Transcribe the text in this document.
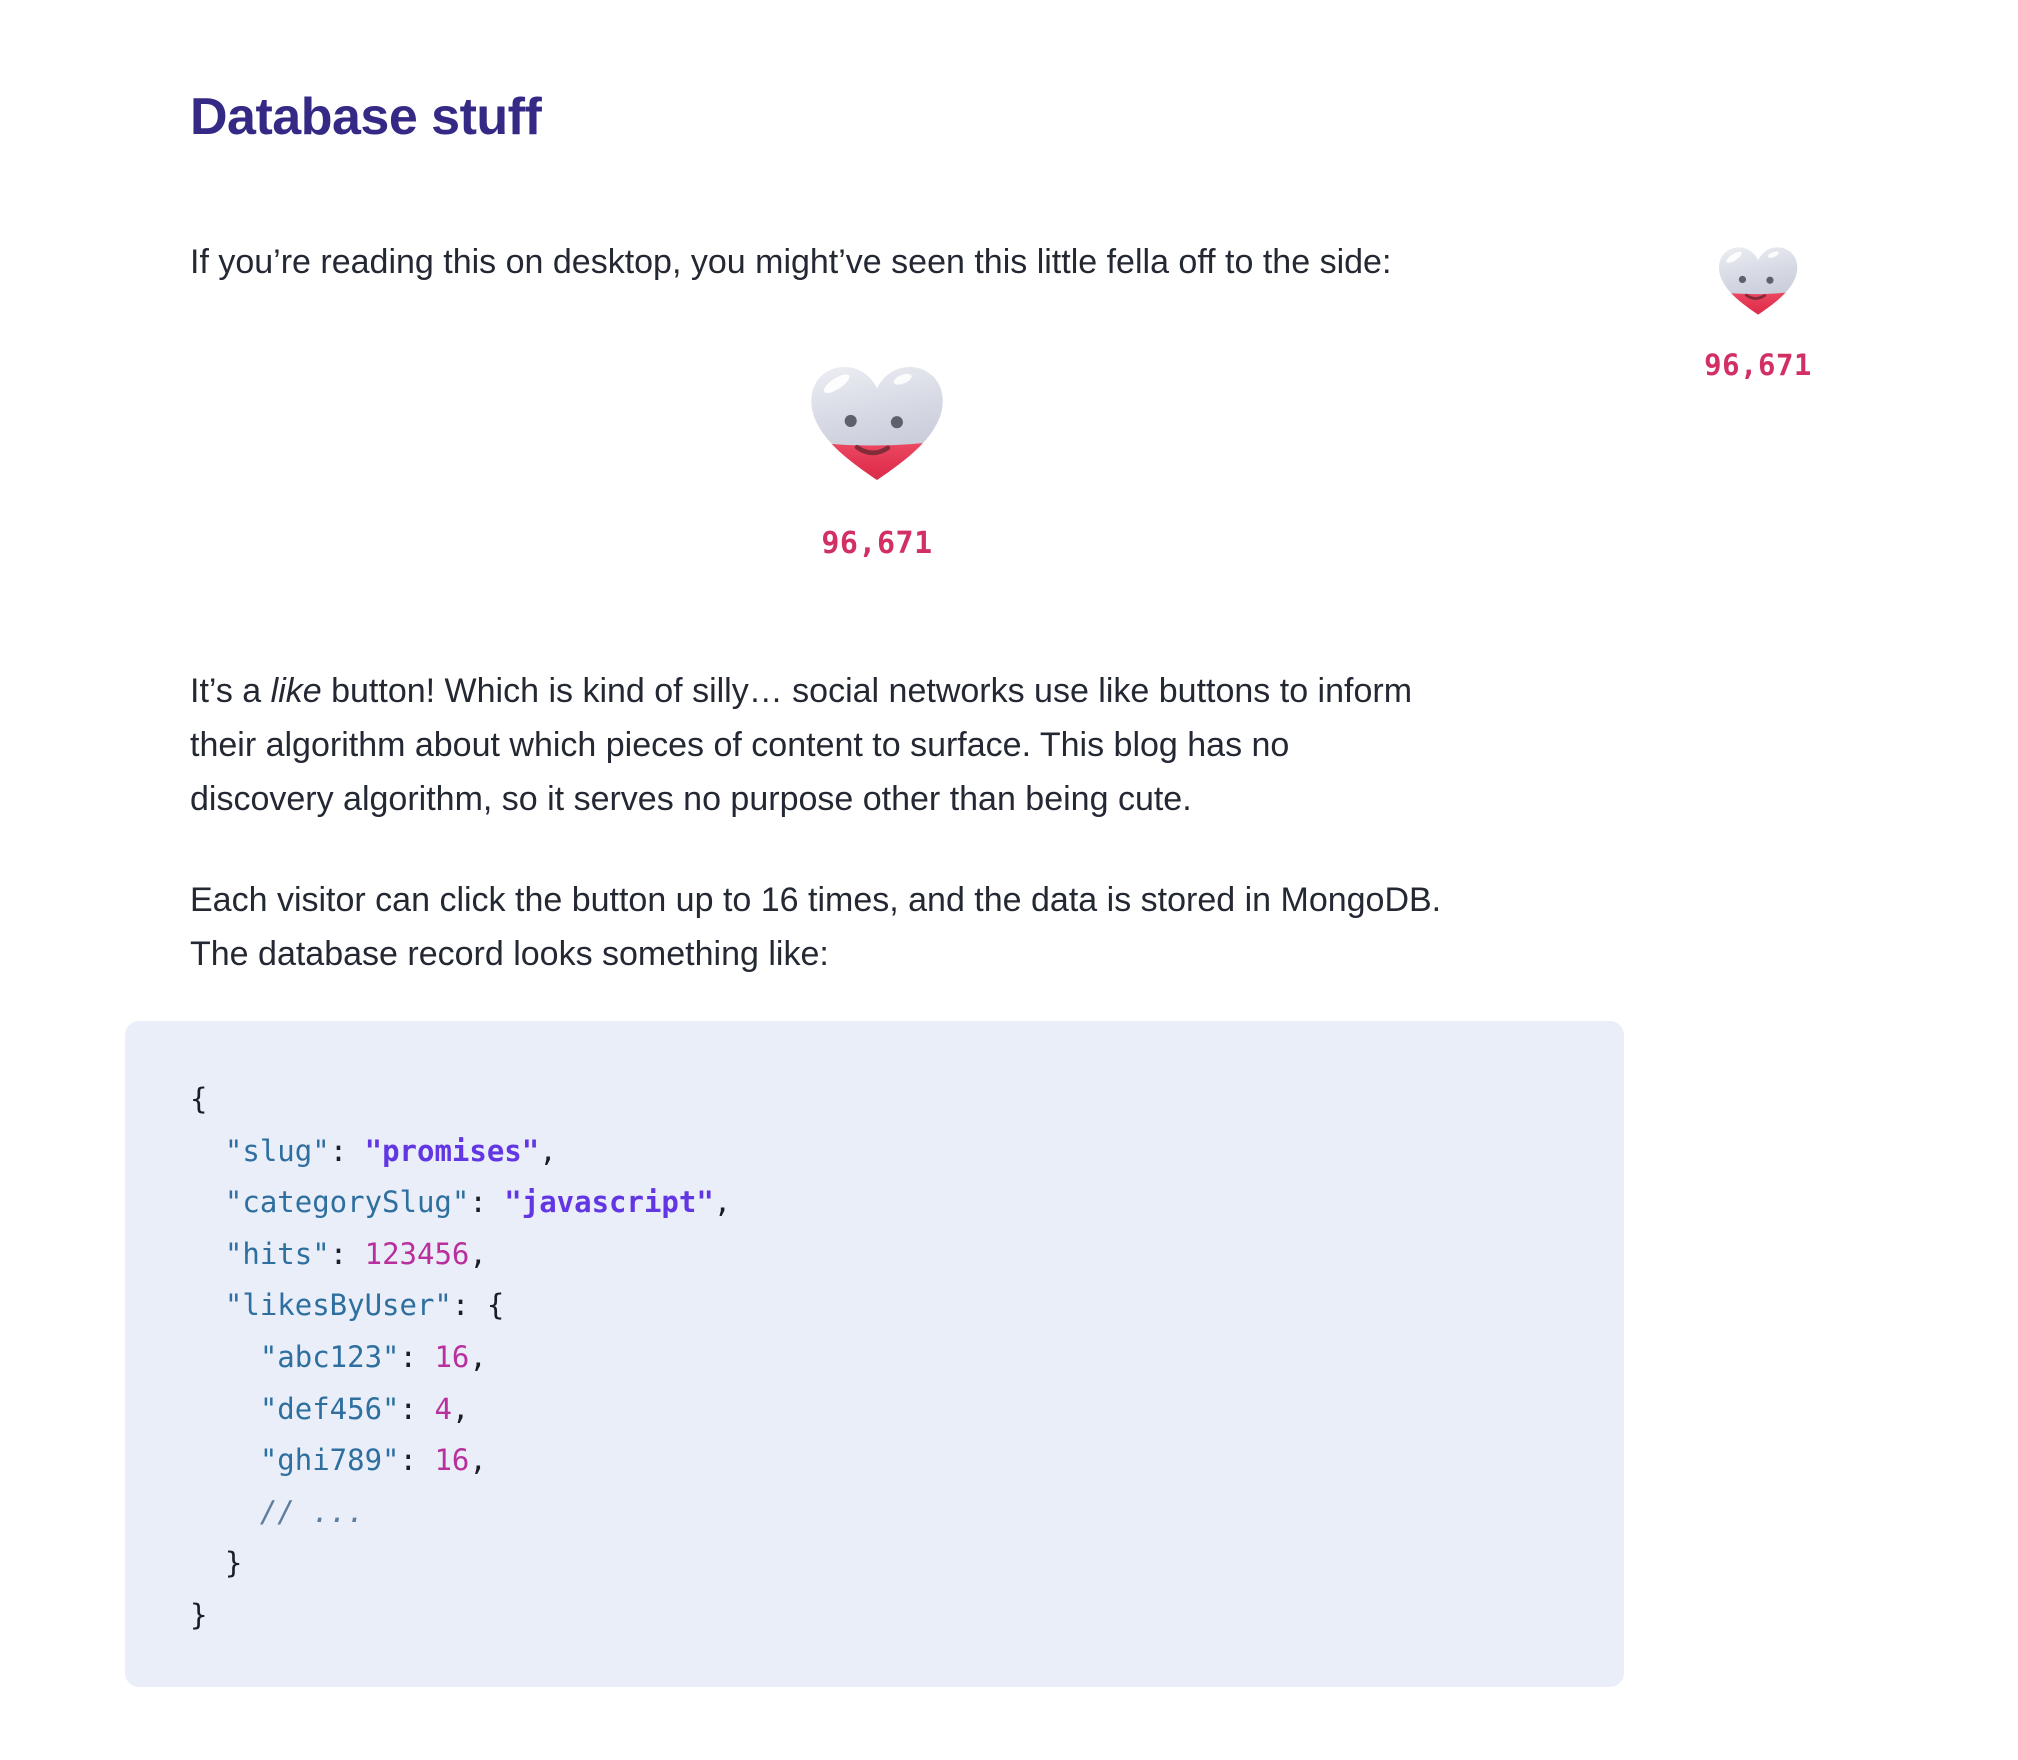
Database stuff

If you’re reading this on desktop, you might’ve seen this little fella off to the side:

96,671

It’s a like button! Which is kind of silly… social networks use like buttons to inform
their algorithm about which pieces of content to surface. This blog has no
discovery algorithm, so it serves no purpose other than being cute.

Each visitor can click the button up to 16 times, and the data is stored in MongoDB.
The database record looks something like:

{
"slug": "promises",
"categorySlug": "javascript",
"hits": 123456,
"likesByUser": {
"abc123": 16,
"def456": 4,
"ghi789": 16,
// ...
}
}
96,671
